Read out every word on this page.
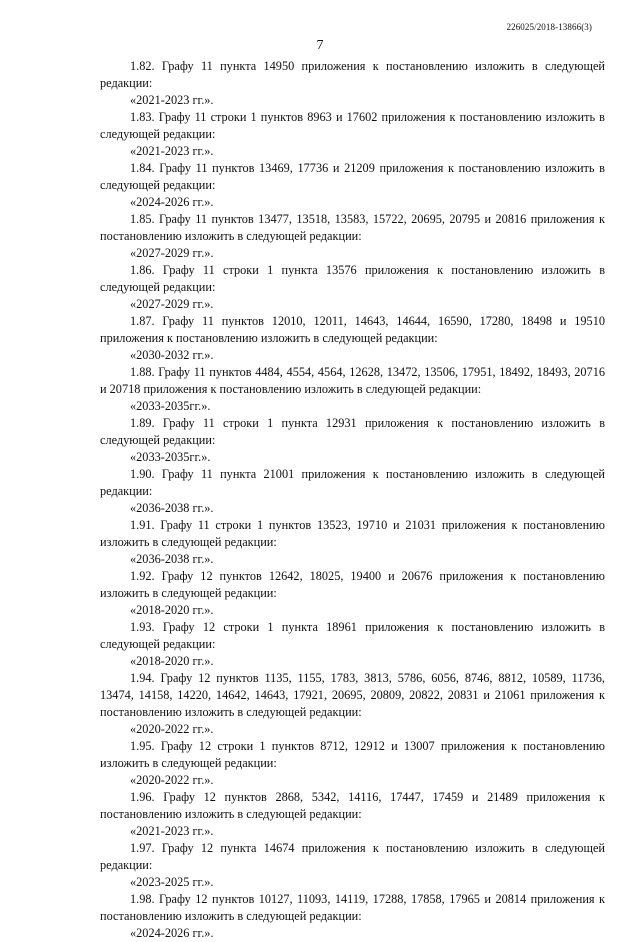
226025/2018-13866(3)
7

1.82. Графу 11 пункта 14950 приложения к постановлению изложить в следующей редакции:

«2021-2023 гг.».

1.83. Графу 11 строки 1 пунктов 8963 и 17602 приложения к постановлению изложить в следующей редакции:

«2021-2023 гг.».

1.84. Графу 11 пунктов 13469, 17736 и 21209 приложения к постановлению изложить в следующей редакции:

«2024-2026 гг.».

1.85. Графу 11 пунктов 13477, 13518, 13583, 15722, 20695, 20795 и 20816 приложения к постановлению изложить в следующей редакции:

«2027-2029 гг.».

1.86. Графу 11 строки 1 пункта 13576 приложения к постановлению изложить в следующей редакции:

«2027-2029 гг.».

1.87. Графу 11 пунктов 12010, 12011, 14643, 14644, 16590, 17280, 18498 и 19510 приложения к постановлению изложить в следующей редакции:

«2030-2032 гг.».

1.88. Графу 11 пунктов 4484, 4554, 4564, 12628, 13472, 13506, 17951, 18492, 18493, 20716 и 20718 приложения к постановлению изложить в следующей редакции:

«2033-2035гг.».

1.89. Графу 11 строки 1 пункта 12931 приложения к постановлению изложить в следующей редакции:

«2033-2035гг.».

1.90. Графу 11 пункта 21001 приложения к постановлению изложить в следующей редакции:

«2036-2038 гг.».

1.91. Графу 11 строки 1 пунктов 13523, 19710 и 21031 приложения к постановлению изложить в следующей редакции:

«2036-2038 гг.».

1.92. Графу 12 пунктов 12642, 18025, 19400 и 20676 приложения к постановлению изложить в следующей редакции:

«2018-2020 гг.».

1.93. Графу 12 строки 1 пункта 18961 приложения к постановлению изложить в следующей редакции:

«2018-2020 гг.».

1.94. Графу 12 пунктов 1135, 1155, 1783, 3813, 5786, 6056, 8746, 8812, 10589, 11736, 13474, 14158, 14220, 14642, 14643, 17921, 20695, 20809, 20822, 20831 и 21061 приложения к постановлению изложить в следующей редакции:

«2020-2022 гг.».

1.95. Графу 12 строки 1 пунктов 8712, 12912 и 13007 приложения к постановлению изложить в следующей редакции:

«2020-2022 гг.».

1.96. Графу 12 пунктов 2868, 5342, 14116, 17447, 17459 и 21489 приложения к постановлению изложить в следующей редакции:

«2021-2023 гг.».

1.97. Графу 12 пункта 14674 приложения к постановлению изложить в следующей редакции:

«2023-2025 гг.».

1.98. Графу 12 пунктов 10127, 11093, 14119, 17288, 17858, 17965 и 20814 приложения к постановлению изложить в следующей редакции:

«2024-2026 гг.».
